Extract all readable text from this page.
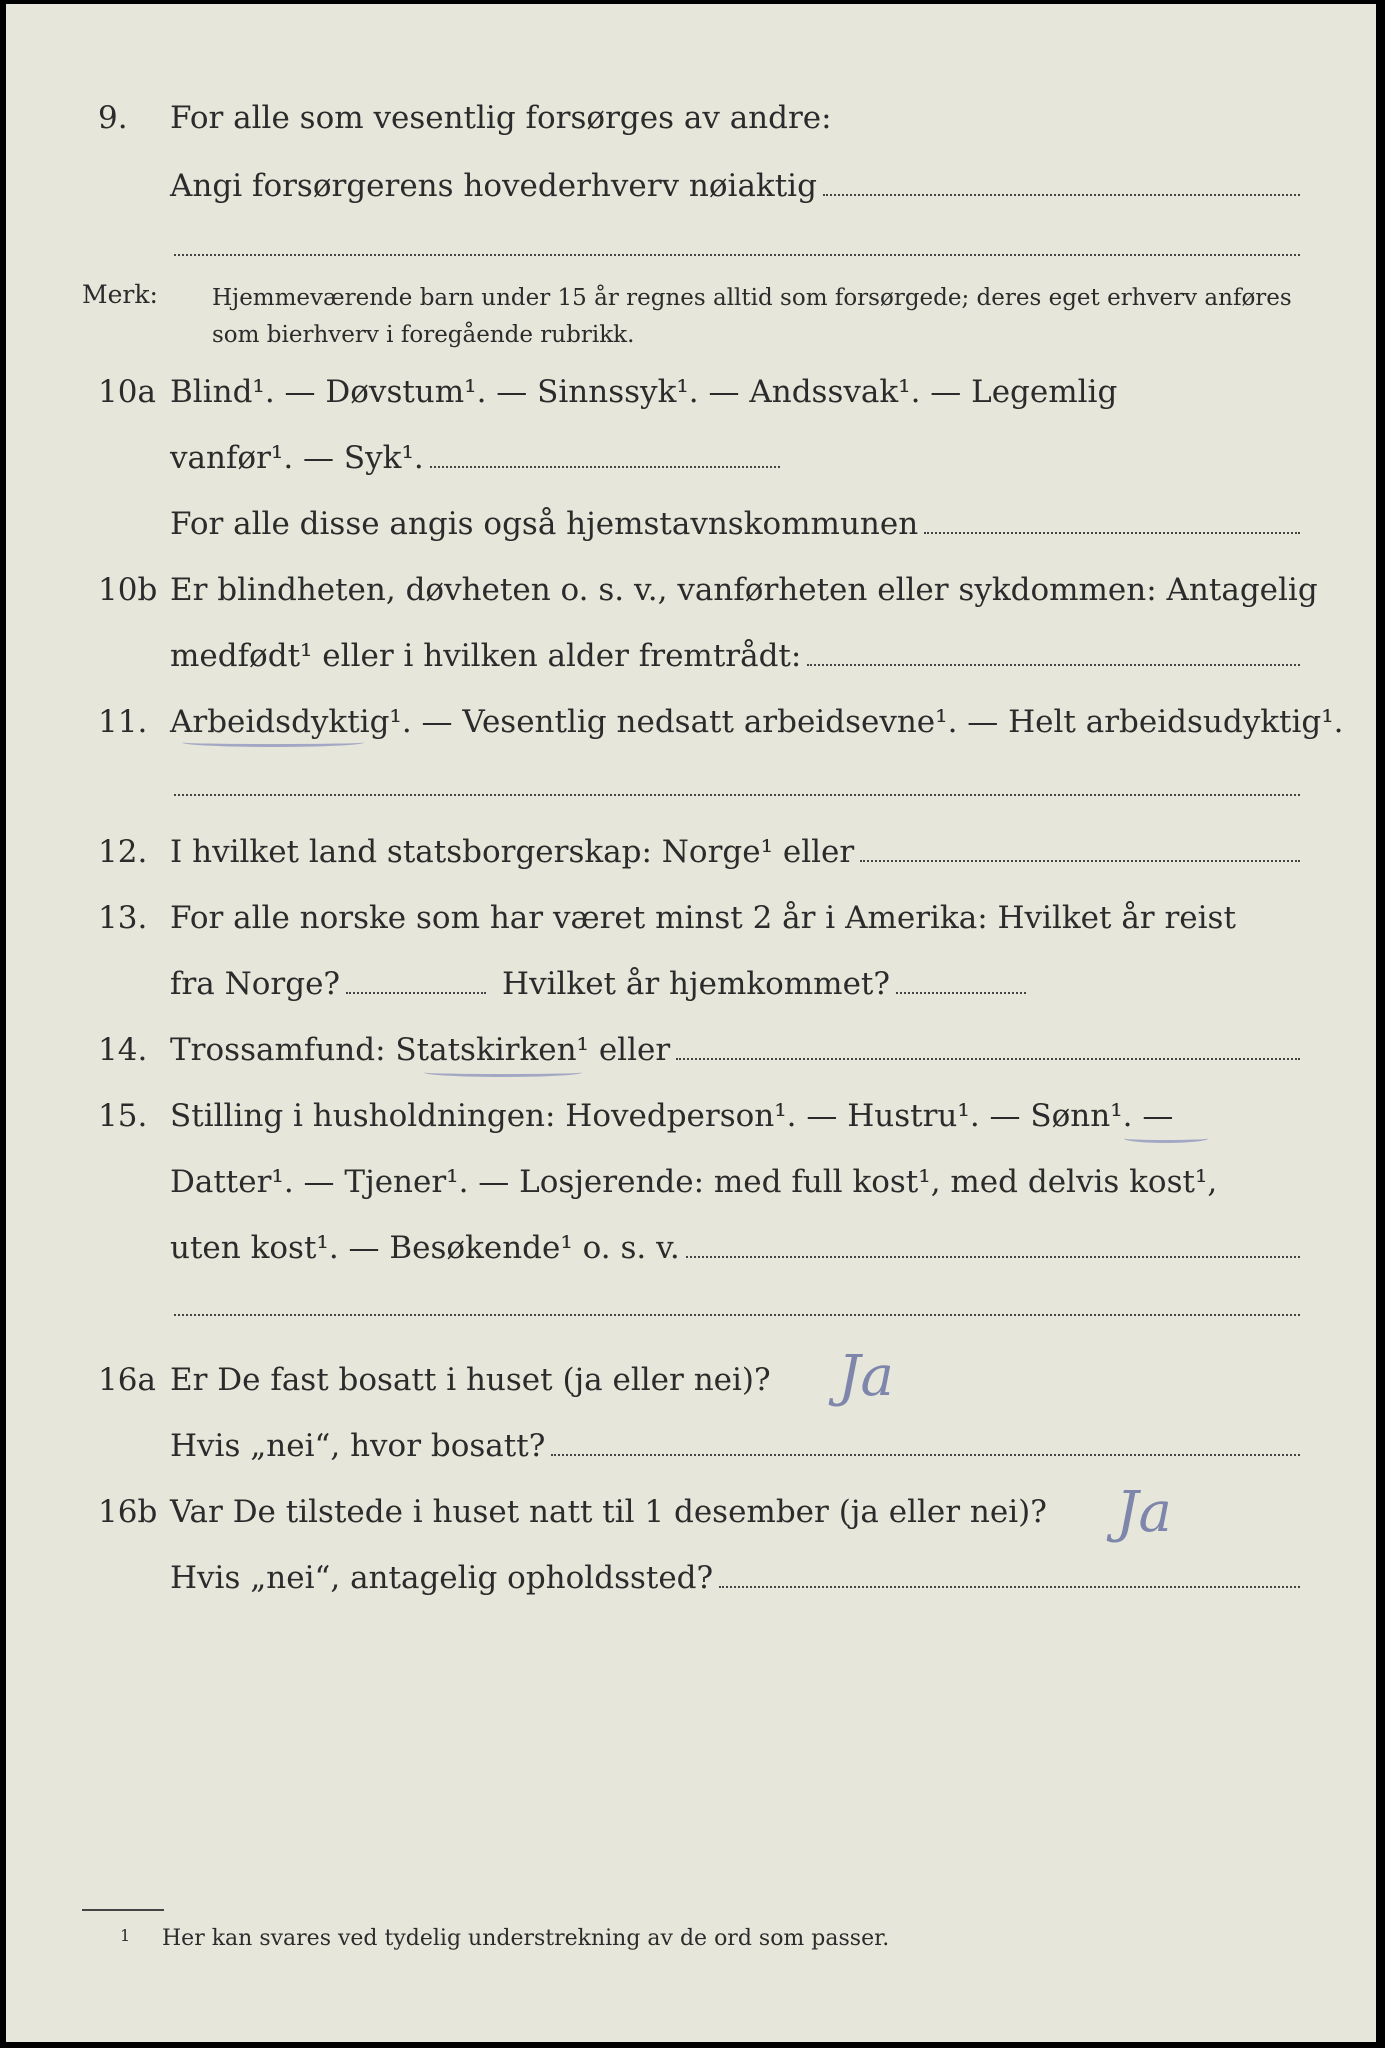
9. For alle som vesentlig forsørges av andre:
Angi forsørgerens hovederhverv nøiaktig
Merk: Hjemmeværende barn under 15 år regnes alltid som forsørgede; deres eget erhverv anføres som bierhverv i foregående rubrikk.
10a Blind¹. — Døvstum¹. — Sinnssyk¹. — Andssvak¹. — Legemlig
vanfør¹. — Syk¹.
For alle disse angis også hjemstavnskommunen
10b Er blindheten, døvheten o. s. v., vanførheten eller sykdommen: Antagelig
medfødt¹ eller i hvilken alder fremtrådt:
11. Arbeidsdyktig¹. — Vesentlig nedsatt arbeidsevne¹. — Helt arbeidsudyktig¹.
12. I hvilket land statsborgerskap: Norge¹ eller
13. For alle norske som har været minst 2 år i Amerika: Hvilket år reist
fra Norge?	Hvilket år hjemkommet?
14. Trossamfund: Statskirken¹ eller
15. Stilling i husholdningen: Hovedperson¹. — Hustru¹. — Sønn¹. —
Datter¹. — Tjener¹. — Losjerende: med full kost¹, med delvis kost¹,
uten kost¹. — Besøkende¹ o. s. v.
16a Er De fast bosatt i huset (ja eller nei)? Ja
Hvis „nei“, hvor bosatt?
16b Var De tilstede i huset natt til 1 desember (ja eller nei)? Ja
Hvis „nei“, antagelig opholdssted?
1 Her kan svares ved tydelig understrekning av de ord som passer.
